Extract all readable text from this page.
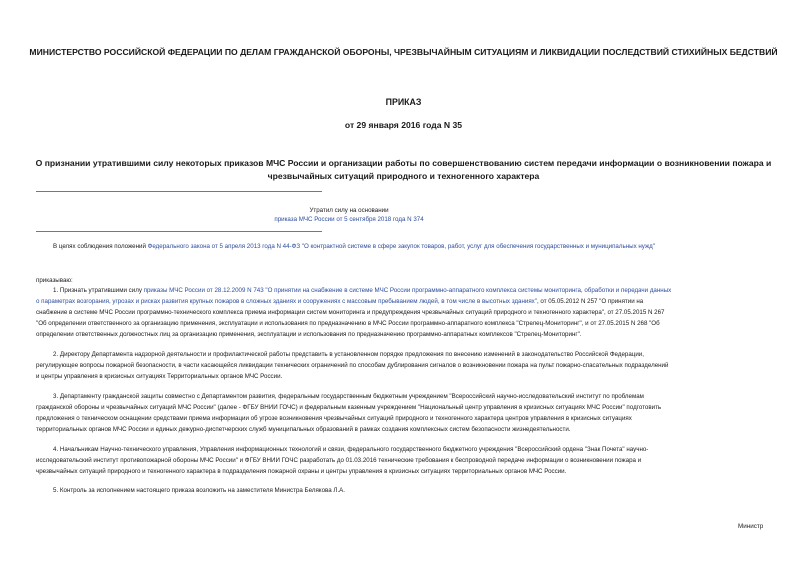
МИНИСТЕРСТВО РОССИЙСКОЙ ФЕДЕРАЦИИ ПО ДЕЛАМ ГРАЖДАНСКОЙ ОБОРОНЫ, ЧРЕЗВЫЧАЙНЫМ СИТУАЦИЯМ И ЛИКВИДАЦИИ ПОСЛЕДСТВИЙ СТИХИЙНЫХ БЕДСТВИЙ
ПРИКАЗ
от 29 января 2016 года N 35
О признании утратившими силу некоторых приказов МЧС России и организации работы по совершенствованию систем передачи информации о возникновении пожара и чрезвычайных ситуаций природного и техногенного характера
Утратил силу на основании
приказа МЧС России от 5 сентября 2018 года N 374
В целях соблюдения положений Федерального закона от 5 апреля 2013 года N 44-ФЗ "О контрактной системе в сфере закупок товаров, работ, услуг для обеспечения государственных и муниципальных нужд"
приказываю:
1. Признать утратившими силу приказы МЧС России от 28.12.2009 N 743 "О принятии на снабжение в системе МЧС России программно-аппаратного комплекса системы мониторинга, обработки и передачи данных
о параметрах возгорания, угрозах и рисках развития крупных пожаров в сложных зданиях и сооружениях с массовым пребыванием людей, в том числе в высотных зданиях", от 05.05.2012 N 257 "О принятии на
снабжение в системе МЧС России программно-технического комплекса приема информации систем мониторинга и предупреждения чрезвычайных ситуаций природного и техногенного характера", от 27.05.2015 N 267
"Об определении ответственного за организацию применения, эксплуатации и использования по предназначению в МЧС России программно-аппаратного комплекса "Стрелец-Мониторинг", и от 27.05.2015 N 268 "Об
определении ответственных должностных лиц за организацию применения, эксплуатации и использования по предназначению программно-аппаратных комплексов "Стрелец-Мониторинг".
2. Директору Департамента надзорной деятельности и профилактической работы представить в установленном порядке предложения по внесению изменений в законодательство Российской Федерации,
регулирующее вопросы пожарной безопасности, в части касающейся ликвидации технических ограничений по способам дублирования сигналов о возникновении пожара на пульт пожарно-спасательных подразделений
и центры управления в кризисных ситуациях Территориальных органов МЧС России.
3. Департаменту гражданской защиты совместно с Департаментом развития, федеральным государственным бюджетным учреждением "Всероссийский научно-исследовательский институт по проблемам
гражданской обороны и чрезвычайных ситуаций МЧС России" (далее - ФГБУ ВНИИ ГОЧС) и федеральным казенным учреждением "Национальный центр управления в кризисных ситуациях МЧС России" подготовить
предложения о техническом оснащении средствами приема информации об угрозе возникновения чрезвычайных ситуаций природного и техногенного характера центров управления в кризисных ситуациях
территориальных органов МЧС России и единых дежурно-диспетчерских служб муниципальных образований в рамках создания комплексных систем безопасности жизнедеятельности.
4. Начальникам Научно-технического управления, Управления информационных технологий и связи, федерального государственного бюджетного учреждения "Всероссийский ордена "Знак Почета" научно-
исследовательский институт противопожарной обороны МЧС России" и ФГБУ ВНИИ ГОЧС разработать до 01.03.2016 технические требования к беспроводной передаче информации о возникновении пожара и
чрезвычайных ситуаций природного и техногенного характера в подразделения пожарной охраны и центры управления в кризисных ситуациях территориальных органов МЧС России.
5. Контроль за исполнением настоящего приказа возложить на заместителя Министра Белякова Л.А.
Министр
